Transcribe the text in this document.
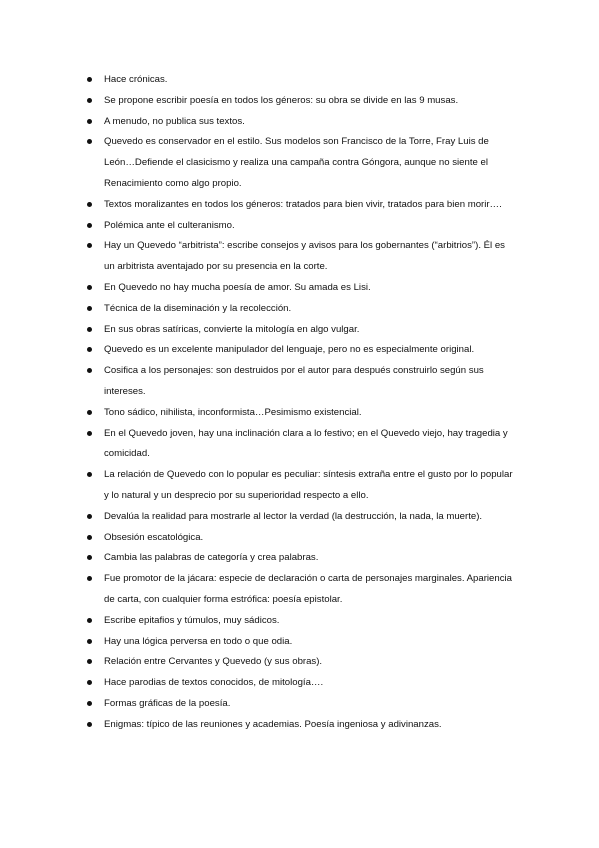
Hace crónicas.
Se propone escribir poesía en todos los géneros: su obra se divide en las 9 musas.
A menudo, no publica sus textos.
Quevedo es conservador en el estilo. Sus modelos son Francisco de la Torre, Fray Luis de León…Defiende el clasicismo y realiza una campaña contra Góngora, aunque no siente el Renacimiento como algo propio.
Textos moralizantes en todos los géneros: tratados para bien vivir, tratados para bien morir….
Polémica ante el culteranismo.
Hay un Quevedo “arbitrista”: escribe consejos y avisos para los gobernantes (“arbitrios”). Él es un arbitrista aventajado por su presencia en la corte.
En Quevedo no hay mucha poesía de amor. Su amada es Lisi.
Técnica de la diseminación y la recolección.
En sus obras satíricas, convierte la mitología en algo vulgar.
Quevedo es un excelente manipulador del lenguaje, pero no es especialmente original.
Cosifica a los personajes: son destruidos por el autor para después construirlo según sus intereses.
Tono sádico, nihilista, inconformista…Pesimismo existencial.
En el Quevedo joven, hay una inclinación clara a lo festivo; en el Quevedo viejo, hay tragedia y comicidad.
La relación de Quevedo con lo popular es peculiar: síntesis extraña entre el gusto por lo popular y lo natural y un desprecio por su superioridad respecto a ello.
Devalúa la realidad para mostrarle al lector la verdad (la destrucción, la nada, la muerte).
Obsesión escatológica.
Cambia las palabras de categoría y crea palabras.
Fue promotor de la jácara: especie de declaración o carta de personajes marginales. Apariencia de carta, con cualquier forma estrófica: poesía epistolar.
Escribe epitafios y túmulos, muy sádicos.
Hay una lógica perversa en todo o que odia.
Relación entre Cervantes y Quevedo (y sus obras).
Hace parodias de textos conocidos, de mitología….
Formas gráficas de la poesía.
Enigmas: típico de las reuniones y academias. Poesía ingeniosa y adivinanzas.
